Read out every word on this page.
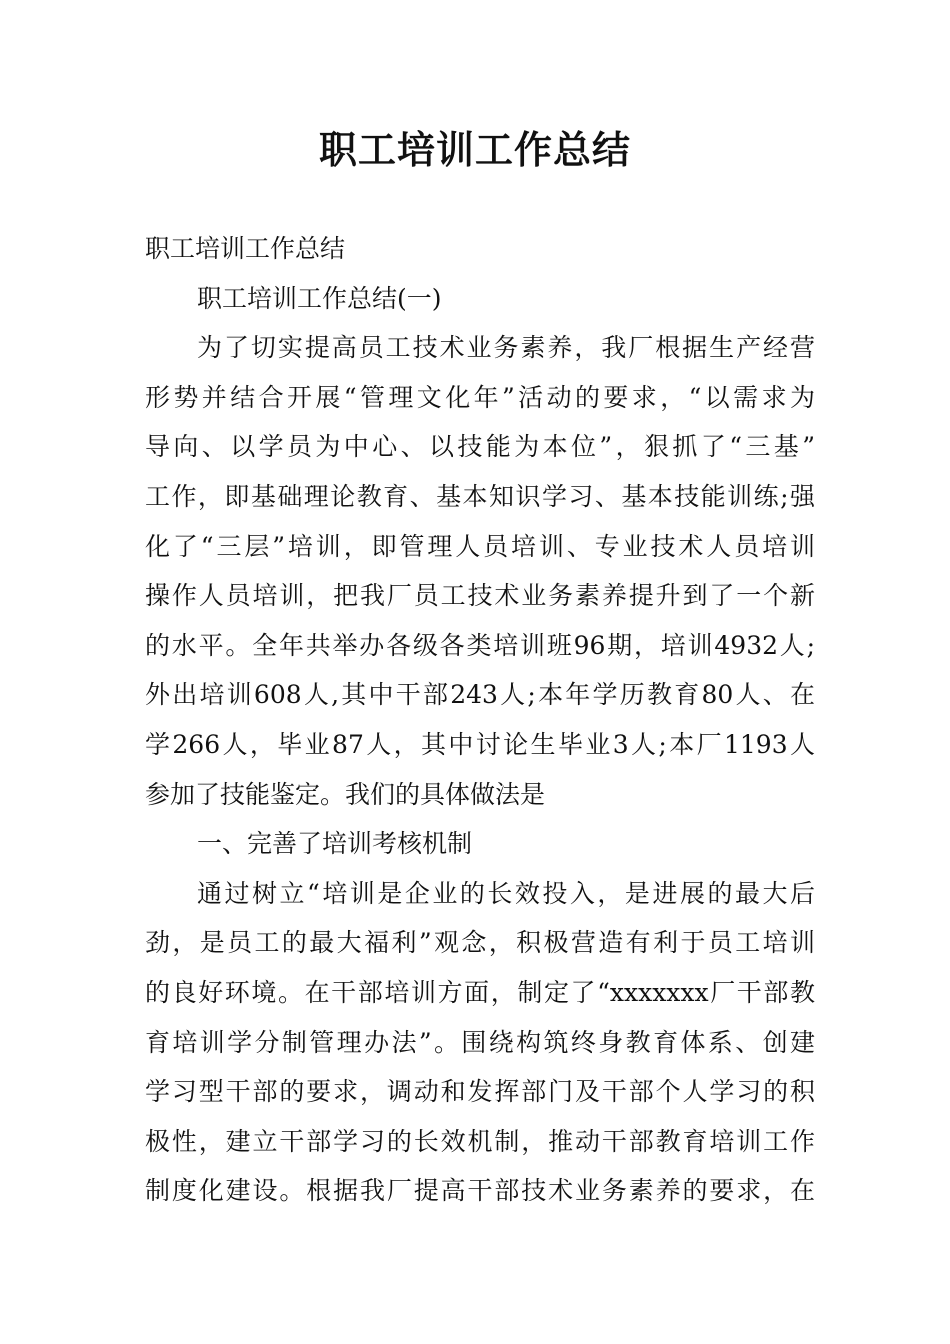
职工培训工作总结
职工培训工作总结
职工培训工作总结(一)
为了切实提高员工技术业务素养，我厂根据生产经营
形势并结合开展“管理文化年”活动的要求，“以需求为
导向、以学员为中心、以技能为本位”，狠抓了“三基”
工作，即基础理论教育、基本知识学习、基本技能训练;强
化了“三层”培训，即管理人员培训、专业技术人员培训
操作人员培训，把我厂员工技术业务素养提升到了一个新
的水平。全年共举办各级各类培训班96期，培训4932人;
外出培训608人,其中干部243人;本年学历教育80人、在
学266人，毕业87人，其中讨论生毕业3人;本厂1193人
参加了技能鉴定。我们的具体做法是
一、完善了培训考核机制
通过树立“培训是企业的长效投入，是进展的最大后
劲，是员工的最大福利”观念，积极营造有利于员工培训
的良好环境。在干部培训方面，制定了“xxxxxxx厂干部教
育培训学分制管理办法”。围绕构筑终身教育体系、创建
学习型干部的要求，调动和发挥部门及干部个人学习的积
极性，建立干部学习的长效机制，推动干部教育培训工作
制度化建设。根据我厂提高干部技术业务素养的要求，在
